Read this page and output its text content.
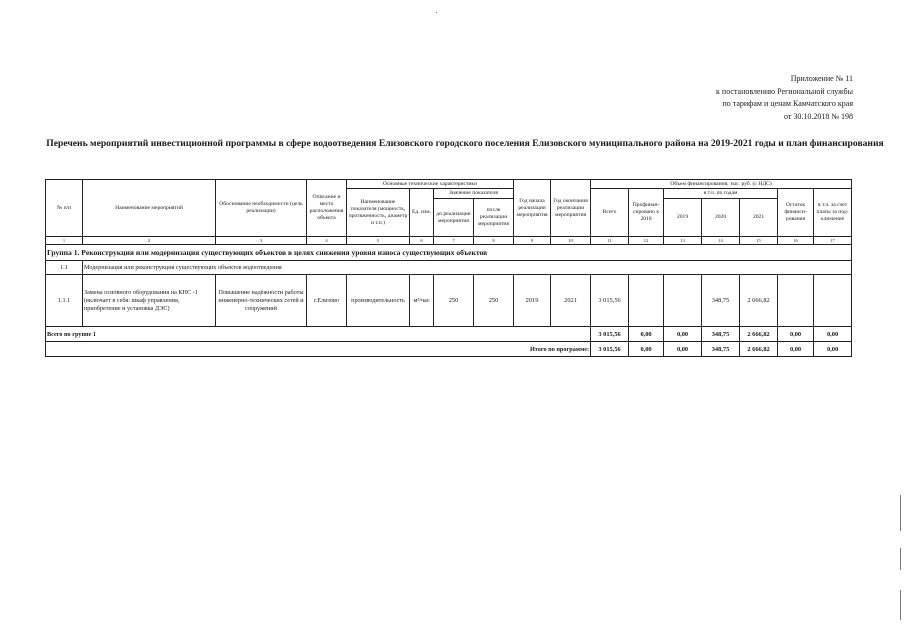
Приложение № 11
к постановлению Региональной службы
по тарифам и ценам Камчатского края
от 30.10.2018 № 198
Перечень мероприятий инвестиционной программы в сфере водоотведения Елизовского городского поселения Елизовского муниципального района на 2019-2021 годы и план финансирования
№ п/п	Наименование мероприятий	Обоснование необходимости (цель реализации)	Описание и место расположения объекта	Основные технические характеристики				Год начала реализации мероприятия	Год окончания реализации мероприятия	Объем финансирования, тыс. руб. (с НДС)						
				Наименование показателя (мощность, протяженность, диаметр и т.п.)	Ед. изм.	Значение показателя				Всего	Профинан-сировано к 2018	в т.ч. по годам			Остаток финанси-рования	в т.ч. за счет платы за под-ключение
						до реализации мероприятия	после реализации мероприятия					2019	2020	2021		

1	2	3	4	5	6	7	8	9	10	11	12	13	14	15	16	17
Группа 1. Реконструкция или модернизация существующих объектов в целях снижения уровня износа существующих объектов																
1.1	Модернизация или реконструкция существующих объектов водоотведения															
1.1.1	Замена основного оборудования на КНС -1 (включает в себя: шкаф управления, приобретение и установка ДЭС)	Повышение надёжности работы инженерно-технических сетей и сооружений	г.Елизово	производительность	м³/час	250	250	2019	2021	3 015,56			348,75	2 666,82		
Всего по группе 1										3 015,56	0,00	0,00	348,75	2 666,82	0,00	0,00
Итого по программе:										3 015,56	0,00	0,00	348,75	2 666,82	0,00	0,00
